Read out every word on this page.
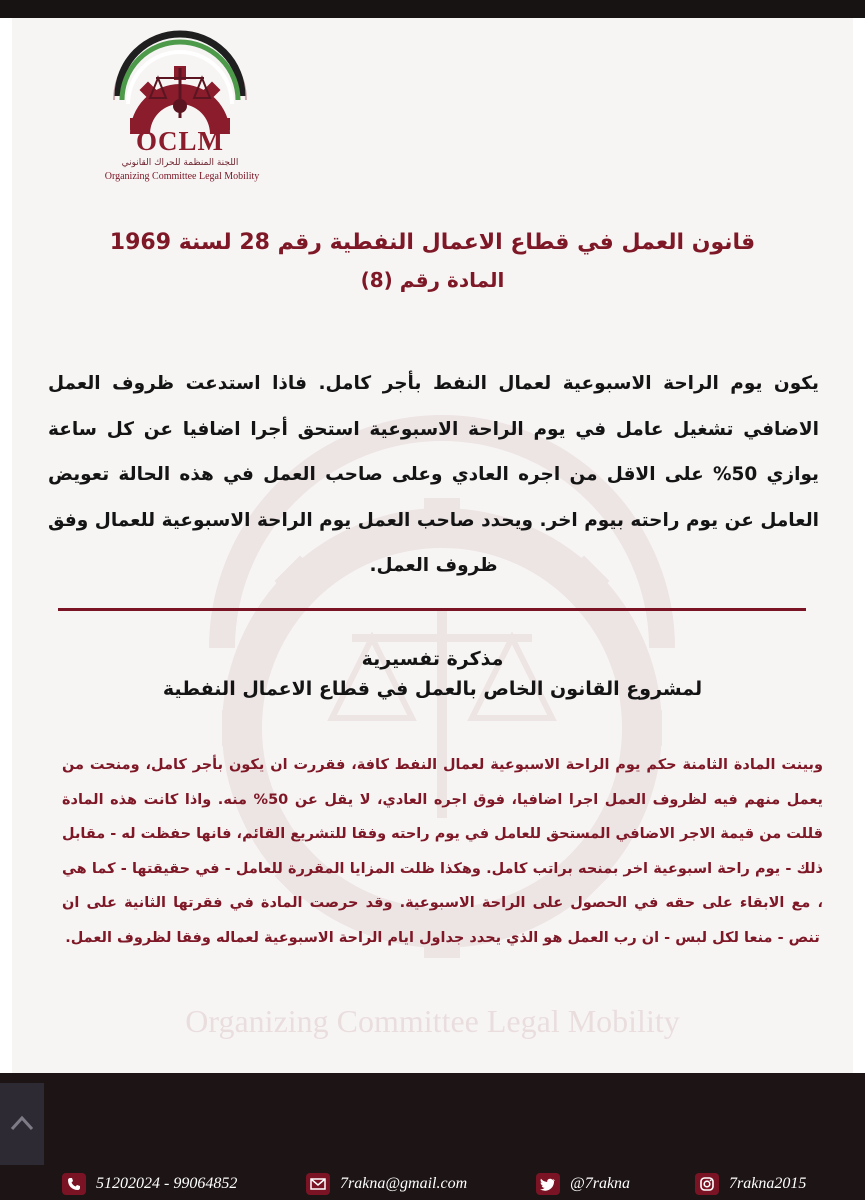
Organizing Committee Legal Mobility
OCLM
اللجنة المنظمة للحراك القانوني
Organizing Committee Legal Mobility
قانون العمل في قطاع الاعمال النفطية رقم 28 لسنة 1969
المادة رقم (8)
يكون يوم الراحة الاسبوعية لعمال النفط بأجر كامل. فاذا استدعت ظروف العمل الاضافي تشغيل عامل في يوم الراحة الاسبوعية استحق أجرا اضافيا عن كل ساعة يوازي 50% على الاقل من اجره العادي وعلى صاحب العمل في هذه الحالة تعويض العامل عن يوم راحته بيوم اخر. ويحدد صاحب العمل يوم الراحة الاسبوعية للعمال وفق ظروف العمل.
مذكرة تفسيرية
لمشروع القانون الخاص بالعمل في قطاع الاعمال النفطية
وبينت المادة الثامنة حكم يوم الراحة الاسبوعية لعمال النفط كافة، فقررت ان يكون بأجر كامل، ومنحت من يعمل منهم فيه لظروف العمل اجرا اضافيا، فوق اجره العادي، لا يقل عن 50% منه. واذا كانت هذه المادة قللت من قيمة الاجر الاضافي المستحق للعامل في يوم راحته وفقا للتشريع القائم، فانها حفظت له - مقابل ذلك - يوم راحة اسبوعية اخر بمنحه براتب كامل. وهكذا ظلت المزايا المقررة للعامل - في حقيقتها - كما هي ، مع الابقاء على حقه في الحصول على الراحة الاسبوعية. وقد حرصت المادة في فقرتها الثانية على ان تنص - منعا لكل لبس - ان رب العمل هو الذي يحدد جداول ايام الراحة الاسبوعية لعماله وفقا لظروف العمل.
51202024 - 99064852	7rakna@gmail.com	@7rakna	7rakna2015
